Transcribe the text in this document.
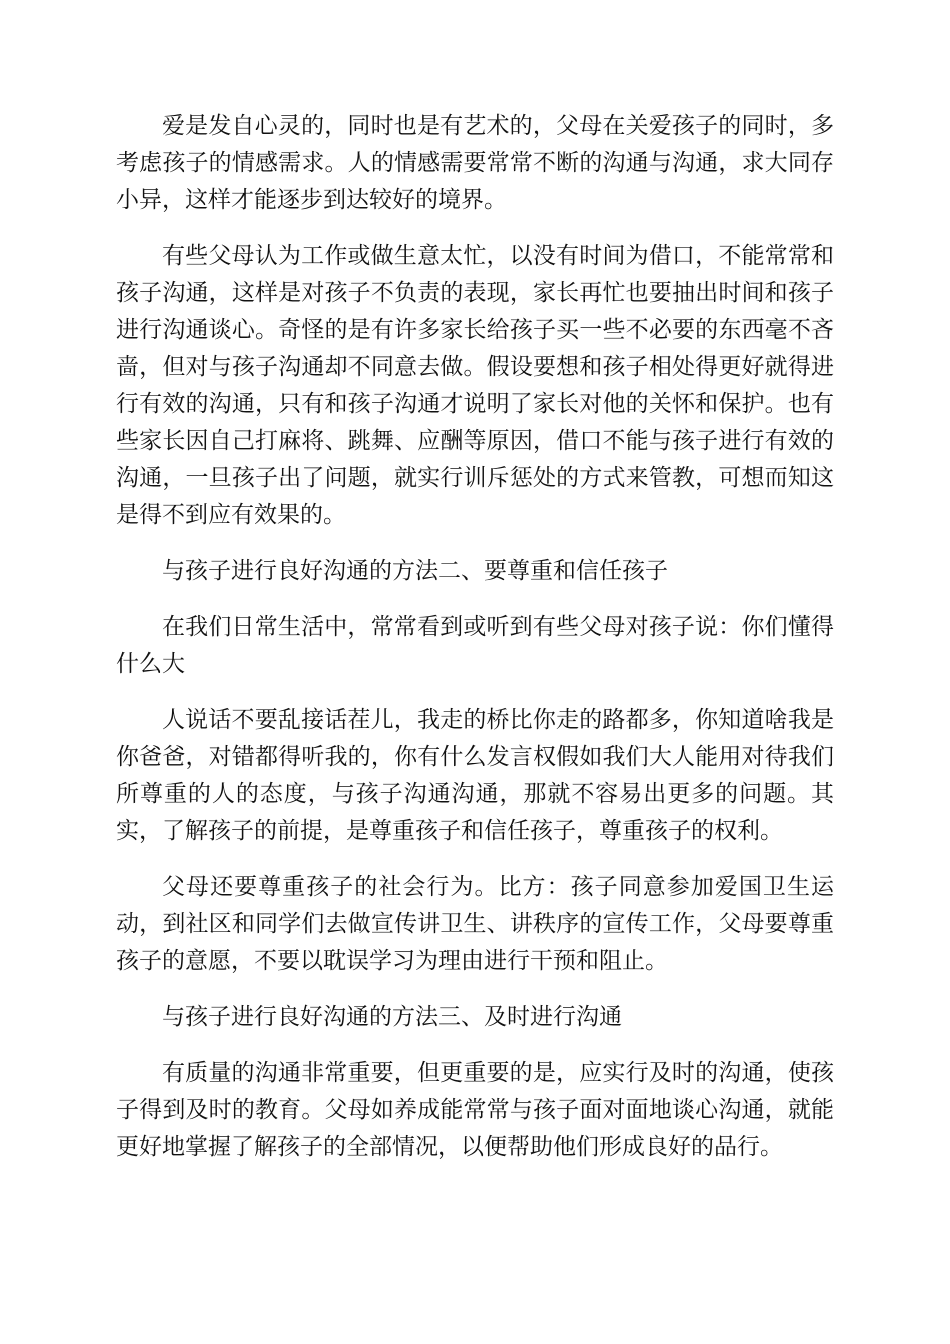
爱是发自心灵的，同时也是有艺术的，父母在关爱孩子的同时，多考虑孩子的情感需求。人的情感需要常常不断的沟通与沟通，求大同存小异，这样才能逐步到达较好的境界。

有些父母认为工作或做生意太忙，以没有时间为借口，不能常常和孩子沟通，这样是对孩子不负责的表现，家长再忙也要抽出时间和孩子进行沟通谈心。奇怪的是有许多家长给孩子买一些不必要的东西毫不吝啬，但对与孩子沟通却不同意去做。假设要想和孩子相处得更好就得进行有效的沟通，只有和孩子沟通才说明了家长对他的关怀和保护。也有些家长因自己打麻将、跳舞、应酬等原因，借口不能与孩子进行有效的沟通，一旦孩子出了问题，就实行训斥惩处的方式来管教，可想而知这是得不到应有效果的。

与孩子进行良好沟通的方法二、要尊重和信任孩子

在我们日常生活中，常常看到或听到有些父母对孩子说：你们懂得什么大

人说话不要乱接话茬儿，我走的桥比你走的路都多，你知道啥我是你爸爸，对错都得听我的，你有什么发言权假如我们大人能用对待我们所尊重的人的态度，与孩子沟通沟通，那就不容易出更多的问题。其实，了解孩子的前提，是尊重孩子和信任孩子，尊重孩子的权利。

父母还要尊重孩子的社会行为。比方：孩子同意参加爱国卫生运动，到社区和同学们去做宣传讲卫生、讲秩序的宣传工作，父母要尊重孩子的意愿，不要以耽误学习为理由进行干预和阻止。

与孩子进行良好沟通的方法三、及时进行沟通

有质量的沟通非常重要，但更重要的是，应实行及时的沟通，使孩子得到及时的教育。父母如养成能常常与孩子面对面地谈心沟通，就能更好地掌握了解孩子的全部情况，以便帮助他们形成良好的品行。
